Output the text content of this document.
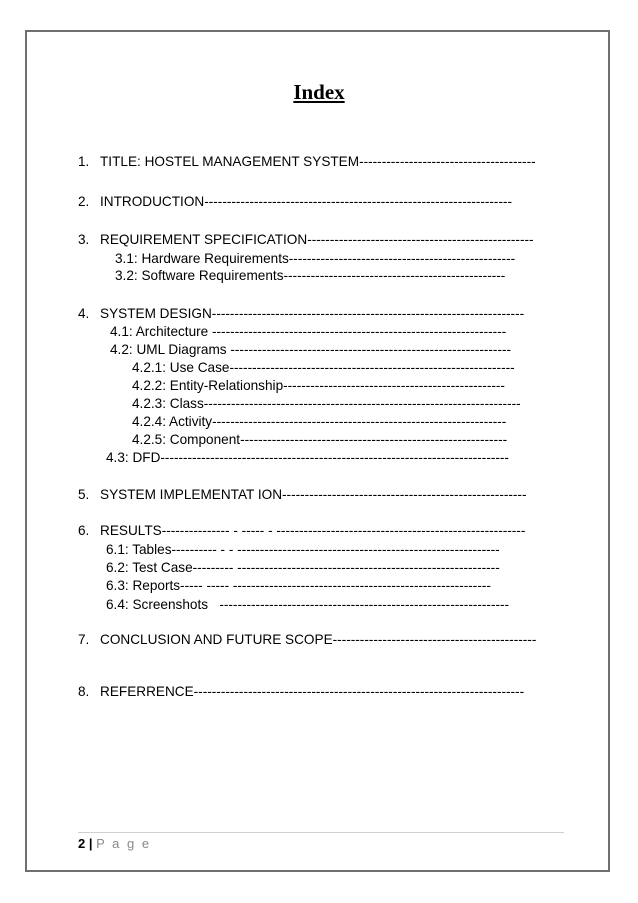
Index
1. TITLE: HOSTEL MANAGEMENT SYSTEM---------------------------------------
2. INTRODUCTION--------------------------------------------------------------------
3. REQUIREMENT SPECIFICATION--------------------------------------------------
3.1: Hardware Requirements--------------------------------------------------
3.2: Software Requirements-------------------------------------------------
4. SYSTEM DESIGN---------------------------------------------------------------------
4.1: Architecture -----------------------------------------------------------------
4.2: UML Diagrams --------------------------------------------------------------
4.2.1: Use Case---------------------------------------------------------------
4.2.2: Entity-Relationship-------------------------------------------------
4.2.3: Class----------------------------------------------------------------------
4.2.4: Activity-----------------------------------------------------------------
4.2.5: Component-----------------------------------------------------------
4.3: DFD-----------------------------------------------------------------------------
5. SYSTEM IMPLEMENTAT ION------------------------------------------------------
6. RESULTS--------------- - ----- - -------------------------------------------------------
6.1: Tables---------- - - ----------------------------------------------------------
6.2: Test Case--------- ----------------------------------------------------------
6.3: Reports----- ----- ---------------------------------------------------------
6.4: Screenshots   ----------------------------------------------------------------
7. CONCLUSION AND FUTURE SCOPE---------------------------------------------
8. REFERRENCE-------------------------------------------------------------------------
2 | P a g e
